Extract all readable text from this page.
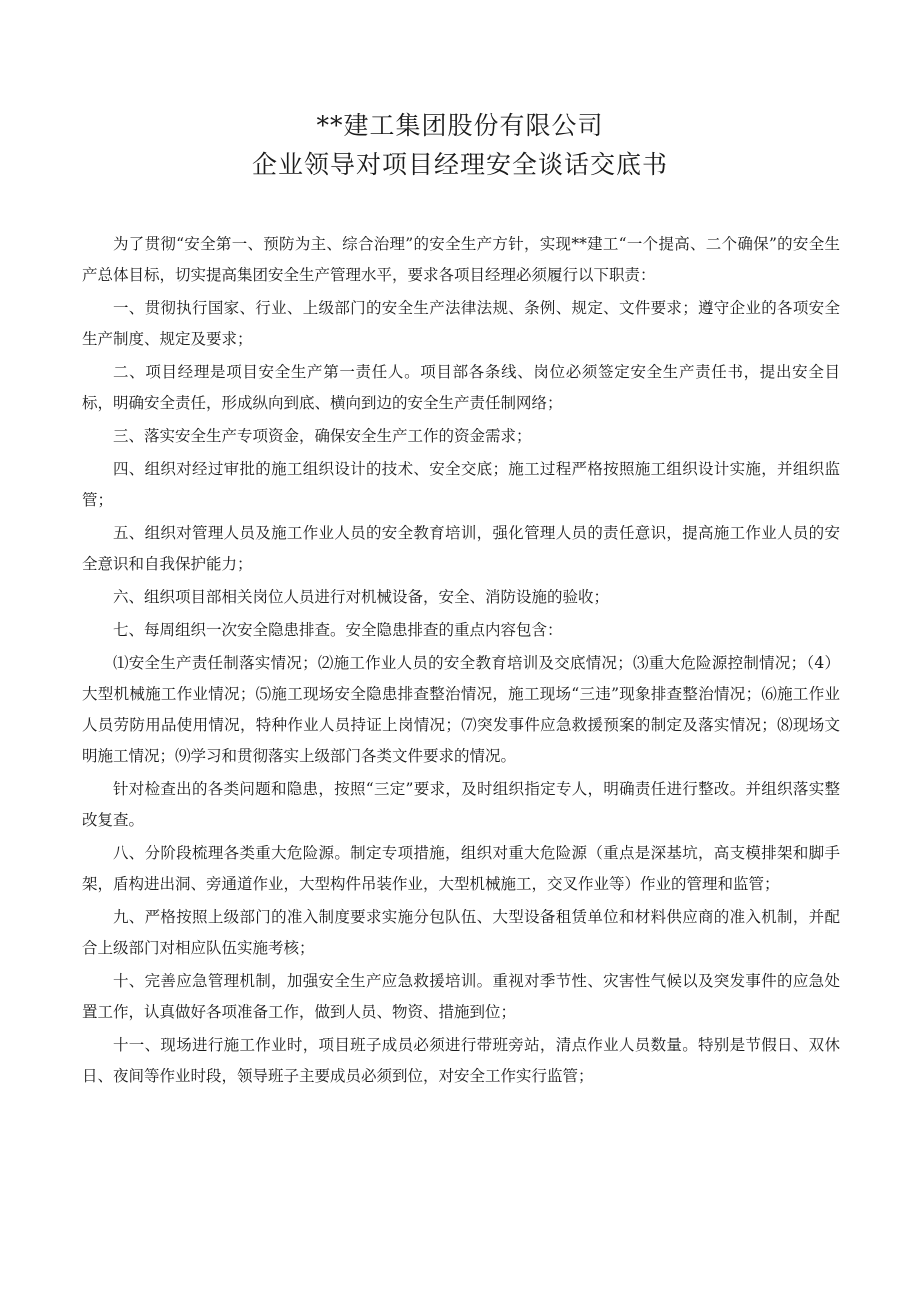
**建工集团股份有限公司
企业领导对项目经理安全谈话交底书

为了贯彻“安全第一、预防为主、综合治理”的安全生产方针，实现**建工“一个提高、二个确保”的安全生产总体目标，切实提高集团安全生产管理水平，要求各项目经理必须履行以下职责：

一、贯彻执行国家、行业、上级部门的安全生产法律法规、条例、规定、文件要求；遵守企业的各项安全生产制度、规定及要求；

二、项目经理是项目安全生产第一责任人。项目部各条线、岗位必须签定安全生产责任书，提出安全目标，明确安全责任，形成纵向到底、横向到边的安全生产责任制网络；

三、落实安全生产专项资金，确保安全生产工作的资金需求；

四、组织对经过审批的施工组织设计的技术、安全交底；施工过程严格按照施工组织设计实施，并组织监管；

五、组织对管理人员及施工作业人员的安全教育培训，强化管理人员的责任意识，提高施工作业人员的安全意识和自我保护能力；

六、组织项目部相关岗位人员进行对机械设备，安全、消防设施的验收；

七、每周组织一次安全隐患排查。安全隐患排查的重点内容包含：

⑴安全生产责任制落实情况；⑵施工作业人员的安全教育培训及交底情况；⑶重大危险源控制情况；（4）大型机械施工作业情况；⑸施工现场安全隐患排查整治情况，施工现场“三违”现象排查整治情况；⑹施工作业人员劳防用品使用情况，特种作业人员持证上岗情况；⑺突发事件应急救援预案的制定及落实情况；⑻现场文明施工情况；⑼学习和贯彻落实上级部门各类文件要求的情况。

针对检查出的各类问题和隐患，按照“三定”要求，及时组织指定专人，明确责任进行整改。并组织落实整改复查。

八、分阶段梳理各类重大危险源。制定专项措施，组织对重大危险源（重点是深基坑，高支模排架和脚手架，盾构进出洞、旁通道作业，大型构件吊装作业，大型机械施工，交叉作业等）作业的管理和监管；

九、严格按照上级部门的准入制度要求实施分包队伍、大型设备租赁单位和材料供应商的准入机制，并配合上级部门对相应队伍实施考核；

十、完善应急管理机制，加强安全生产应急救援培训。重视对季节性、灾害性气候以及突发事件的应急处置工作，认真做好各项准备工作，做到人员、物资、措施到位；

十一、现场进行施工作业时，项目班子成员必须进行带班旁站，清点作业人员数量。特别是节假日、双休日、夜间等作业时段，领导班子主要成员必须到位，对安全工作实行监管；
